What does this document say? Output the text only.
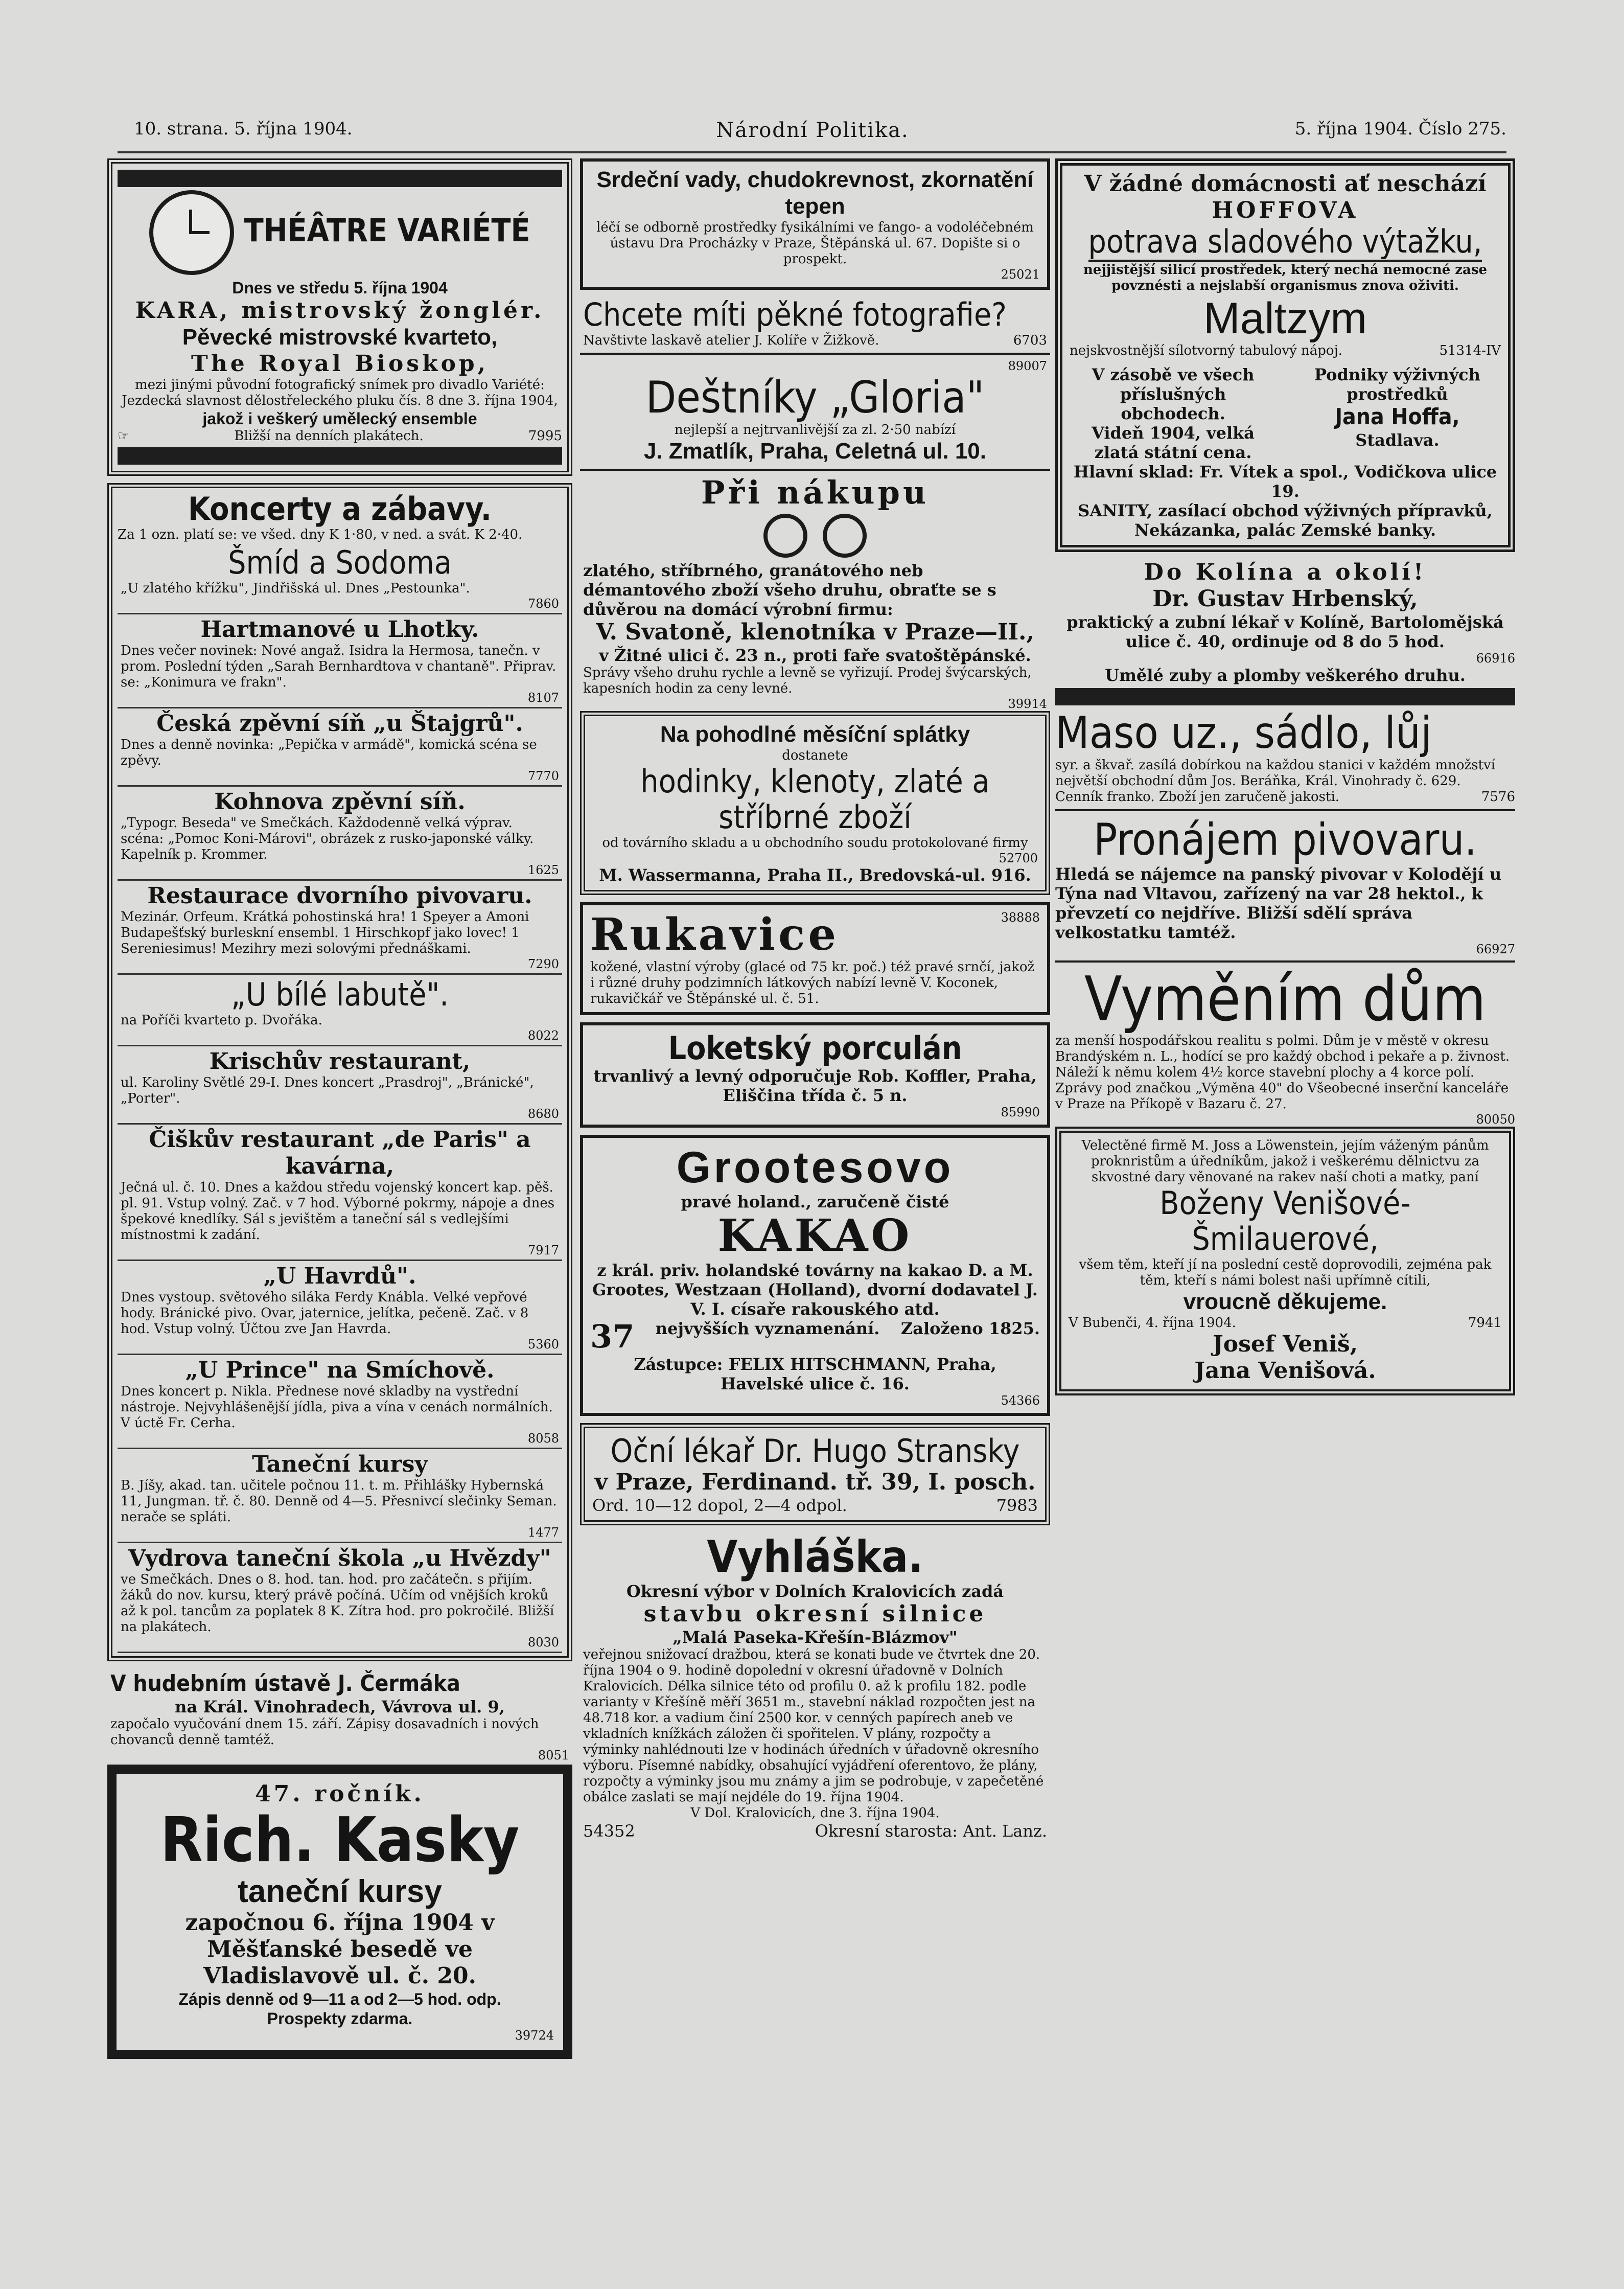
10. strana. 5. října 1904.	Národní Politika.	5. října 1904. Číslo 275.
THÉÂTRE VARIÉTÉ
Dnes ve středu 5. října 1904
KARA, mistrovský žonglér.
Pěvecké mistrovské kvarteto,
The Royal Bioskop,
mezi jinými původní fotografický snímek pro divadlo Variété: Jezdecká slavnost dělostřeleckého pluku čís. 8 dne 3. října 1904,
jakož i veškerý umělecký ensemble
☞	Bližší na denních plakátech.	7995
Koncerty a zábavy.
Za 1 ozn. platí se: ve všed. dny K 1·80, v ned. a svát. K 2·40.
Šmíd a Sodoma
„U zlatého křížku", Jindřišská ul. Dnes „Pestounka".
7860
Hartmanové u Lhotky.
Dnes večer novinek: Nové angaž. Isidra la Hermosa, tanečn. v prom. Poslední týden „Sarah Bernhardtova v chantaně". Připrav. se: „Konimura ve frakn".
8107
Česká zpěvní síň „u Štajgrů".
Dnes a denně novinka: „Pepička v armádě", komická scéna se zpěvy.
7770
Kohnova zpěvní síň.
„Typogr. Beseda" ve Smečkách. Každodenně velká výprav. scéna: „Pomoc Koni-Márovi", obrázek z rusko-japonské války. Kapelník p. Krommer.
1625
Restaurace dvorního pivovaru.
Mezinár. Orfeum. Krátká pohostinská hra! 1 Speyer a Amoni Budapešťský burleskní ensembl. 1 Hirschkopf jako lovec! 1 Sereniesimus! Mezihry mezi solovými přednáškami.
7290
„U bílé labutě".
na Poříči kvarteto p. Dvořáka.
8022
Krischův restaurant,
ul. Karoliny Světlé 29-I. Dnes koncert „Prasdroj", „Bránické", „Porter".
8680
Čiškův restaurant „de Paris" a kavárna,
Ječná ul. č. 10. Dnes a každou středu vojenský koncert kap. pěš. pl. 91. Vstup volný. Zač. v 7 hod. Výborné pokrmy, nápoje a dnes špekové knedlíky. Sál s jevištěm a taneční sál s vedlejšími místnostmi k zadání.
7917
„U Havrdů".
Dnes vystoup. světového siláka Ferdy Knábla. Velké vepřové hody. Bránické pivo. Ovar, jaternice, jelítka, pečeně. Zač. v 8 hod. Vstup volný. Účtou zve Jan Havrda.
5360
„U Prince" na Smíchově.
Dnes koncert p. Nikla. Přednese nové skladby na vystřední nástroje. Nejvyhlášenější jídla, piva a vína v cenách normálních. V úctě Fr. Cerha.
8058
Taneční kursy
B. Jíšy, akad. tan. učitele počnou 11. t. m. Přihlášky Hybernská 11, Jungman. tř. č. 80. Denně od 4—5. Přesnivcí slečinky Seman. nerače se spláti.
1477
Vydrova taneční škola „u Hvězdy"
ve Smečkách. Dnes o 8. hod. tan. hod. pro začátečn. s přijím. žáků do nov. kursu, který právě počíná. Učím od vnějších kroků až k pol. tancům za poplatek 8 K. Zítra hod. pro pokročilé. Bližší na plakátech.
8030
V hudebním ústavě J. Čermáka
na Král. Vinohradech, Vávrova ul. 9,
započalo vyučování dnem 15. září. Zápisy dosavadních i nových chovanců denně tamtéž.
8051
47. ročník.
Rich. Kasky
taneční kursy
započnou 6. října 1904 v Měšťanské besedě ve Vladislavově ul. č. 20.
Zápis denně od 9—11 a od 2—5 hod. odp.
Prospekty zdarma.
39724
Srdeční vady, chudokrevnost, zkornatění tepen
léčí se odborně prostředky fysikálními ve fango- a vodoléčebném ústavu Dra Procházky v Praze, Štěpánská ul. 67. Dopište si o prospekt.
25021
Chcete míti pěkné fotografie?
Navštivte laskavě atelier J. Kolíře v Žižkově.	6703
89007
Deštníky „Gloria"
nejlepší a nejtrvanlivější za zl. 2·50 nabízí
J. Zmatlík, Praha, Celetná ul. 10.
Při nákupu
zlatého, stříbrného, granátového neb démantového zboží všeho druhu, obraťte se s důvěrou na domácí výrobní firmu:
V. Svatoně, klenotníka v Praze—II.,
v Žitné ulici č. 23 n., proti faře svatoštěpánské.
Správy všeho druhu rychle a levně se vyřizují. Prodej švýcarských, kapesních hodin za ceny levné.
39914
Na pohodlné měsíční splátky
dostanete
hodinky, klenoty, zlaté a stříbrné zboží
od továrního skladu a u obchodního soudu protokolované firmy
52700
M. Wassermanna, Praha II., Bredovská-ul. 916.
Rukavice	38888
kožené, vlastní výroby (glacé od 75 kr. poč.) též pravé srnčí, jakož i různé druhy podzimních látkových nabízí levně V. Koconek, rukavičkář ve Štěpánské ul. č. 51.
Loketský porculán
trvanlivý a levný odporučuje Rob. Koffler, Praha, Eliščina třída č. 5 n.
85990
Grootesovo
pravé holand., zaručeně čisté
KAKAO
z král. priv. holandské továrny na kakao D. a M. Grootes, Westzaan (Holland), dvorní dodavatel J. V. I. císaře rakouského atd.
37 nejvyšších vyznamenání. Založeno 1825.
Zástupce: FELIX HITSCHMANN, Praha, Havelské ulice č. 16.
54366
Oční lékař Dr. Hugo Stransky
v Praze, Ferdinand. tř. 39, I. posch.
Ord. 10—12 dopol, 2—4 odpol.	7983
Vyhláška.
Okresní výbor v Dolních Kralovicích zadá
stavbu okresní silnice
„Malá Paseka-Křešín-Blázmov"
veřejnou snižovací dražbou, která se konati bude ve čtvrtek dne 20. října 1904 o 9. hodině dopolední v okresní úřadovně v Dolních Kralovicích. Délka silnice této od profilu 0. až k profilu 182. podle varianty v Křešíně měří 3651 m., stavební náklad rozpočten jest na 48.718 kor. a vadium činí 2500 kor. v cenných papírech aneb ve vkladních knížkách záložen či spořitelen. V plány, rozpočty a výminky nahlédnouti lze v hodinách úředních v úřadovně okresního výboru. Písemné nabídky, obsahující vyjádření oferentovo, že plány, rozpočty a výminky jsou mu známy a jim se podrobuje, v zapečetěné obálce zaslati se mají nejdéle do 19. října 1904.
V Dol. Kralovicích, dne 3. října 1904.
54352	Okresní starosta: Ant. Lanz.
V žádné domácnosti ať neschází
HOFFOVA
potrava sladového výtažku,
nejjistější silicí prostředek, který nechá nemocné zase povznésti a nejslabší organismus znova oživiti.
Maltzym
nejskvostnější sílotvorný tabulový nápoj.	51314-IV
V zásobě ve všech příslušných obchodech.
Videň 1904, velká zlatá státní cena.
Podniky výživných prostředků
Jana Hoffa,
Stadlava.
Hlavní sklad: Fr. Vítek a spol., Vodičkova ulice 19.
SANITY, zasílací obchod výživných přípravků, Nekázanka, palác Zemské banky.
Do Kolína a okolí!
Dr. Gustav Hrbenský,
praktický a zubní lékař v Kolíně, Bartolomějská ulice č. 40, ordinuje od 8 do 5 hod.
66916
Umělé zuby a plomby veškerého druhu.
Maso uz., sádlo, lůj
syr. a škvař. zasílá dobírkou na každou stanici v každém množství největší obchodní dům Jos. Beráňka, Král. Vinohrady č. 629.
Cenník franko. Zboží jen zaručeně jakosti.	7576
Pronájem pivovaru.
Hledá se nájemce na panský pivovar v Kolodějí u Týna nad Vltavou, zařízený na var 28 hektol., k převzetí co nejdříve. Bližší sdělí správa velkostatku tamtéž.
66927
Vyměním dům
za menší hospodářskou realitu s polmi. Dům je v městě v okresu Brandýském n. L., hodící se pro každý obchod i pekaře a p. živnost. Náleží k němu kolem 4½ korce stavební plochy a 4 korce polí. Zprávy pod značkou „Výměna 40" do Všeobecné inserční kanceláře v Praze na Příkopě v Bazaru č. 27.
80050
Velectěné firmě M. Joss a Löwenstein, jejím váženým pánům proknristům a úředníkům, jakož i veškerému dělnictvu za skvostné dary věnované na rakev naší choti a matky, paní
Boženy Venišové-Šmilauerové,
všem těm, kteří jí na poslední cestě doprovodili, zejména pak těm, kteří s námi bolest naši upřímně cítili,
vroucně děkujeme.
V Bubenči, 4. října 1904.	7941
Josef Veniš,
Jana Venišová.
